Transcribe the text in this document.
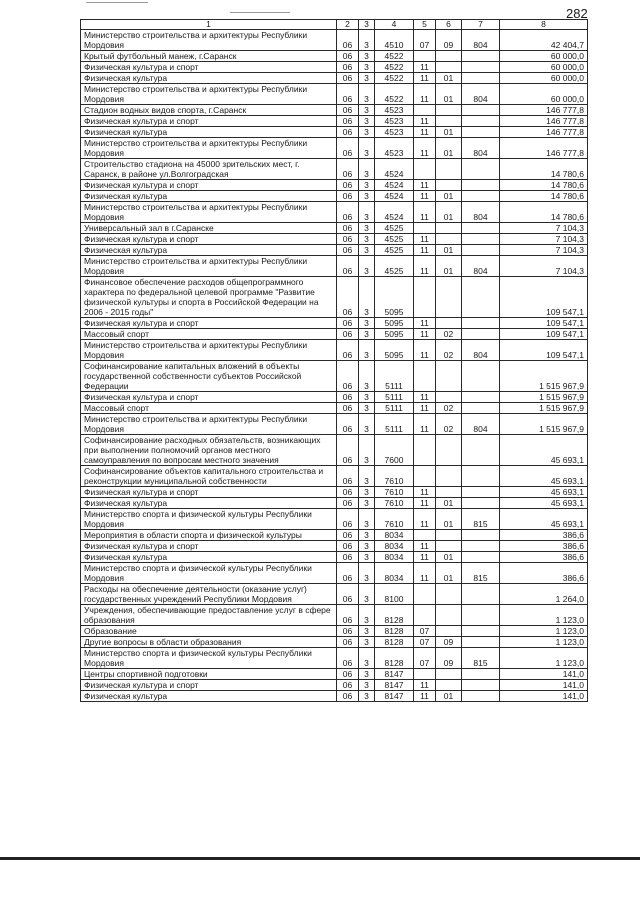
282
1	2	3	4	5	6	7	8
Министерство строительства и архитектуры Республики Мордовия	06	3	4510	07	09	804	42 404,7
Крытый футбольный манеж, г.Саранск	06	3	4522				60 000,0
Физическая культура и спорт	06	3	4522	11			60 000,0
Физическая культура	06	3	4522	11	01		60 000,0
Министерство строительства и архитектуры Республики Мордовия	06	3	4522	11	01	804	60 000,0
Стадион водных видов спорта, г.Саранск	06	3	4523				146 777,8
Физическая культура и спорт	06	3	4523	11			146 777,8
Физическая культура	06	3	4523	11	01		146 777,8
Министерство строительства и архитектуры Республики Мордовия	06	3	4523	11	01	804	146 777,8
Строительство стадиона на 45000 зрительских мест, г. Саранск, в районе ул.Волгоградская	06	3	4524				14 780,6
Физическая культура и спорт	06	3	4524	11			14 780,6
Физическая культура	06	3	4524	11	01		14 780,6
Министерство строительства и архитектуры Республики Мордовия	06	3	4524	11	01	804	14 780,6
Универсальный зал в г.Саранске	06	3	4525				7 104,3
Физическая культура и спорт	06	3	4525	11			7 104,3
Физическая культура	06	3	4525	11	01		7 104,3
Министерство строительства и архитектуры Республики Мордовия	06	3	4525	11	01	804	7 104,3
Финансовое обеспечение расходов общепрограммного характера по федеральной целевой программе "Развитие физической культуры и спорта в Российской Федерации на 2006 - 2015 годы"	06	3	5095				109 547,1
Физическая культура и спорт	06	3	5095	11			109 547,1
Массовый спорт	06	3	5095	11	02		109 547,1
Министерство строительства и архитектуры Республики Мордовия	06	3	5095	11	02	804	109 547,1
Софинансирование капитальных вложений в объекты государственной собственности субъектов Российской Федерации	06	3	5111				1 515 967,9
Физическая культура и спорт	06	3	5111	11			1 515 967,9
Массовый спорт	06	3	5111	11	02		1 515 967,9
Министерство строительства и архитектуры Республики Мордовия	06	3	5111	11	02	804	1 515 967,9
Софинансирование расходных обязательств, возникающих при выполнении полномочий органов местного самоуправления по вопросам местного значения	06	3	7600				45 693,1
Софинансирование объектов капитального строительства и реконструкции муниципальной собственности	06	3	7610				45 693,1
Физическая культура и спорт	06	3	7610	11			45 693,1
Физическая культура	06	3	7610	11	01		45 693,1
Министерство спорта и физической культуры Республики Мордовия	06	3	7610	11	01	815	45 693,1
Мероприятия в области спорта и физической культуры	06	3	8034				386,6
Физическая культура и спорт	06	3	8034	11			386,6
Физическая культура	06	3	8034	11	01		386,6
Министерство спорта и физической культуры Республики Мордовия	06	3	8034	11	01	815	386,6
Расходы на обеспечение деятельности (оказание услуг) государственных учреждений Республики Мордовия	06	3	8100				1 264,0
Учреждения, обеспечивающие предоставление услуг в сфере образования	06	3	8128				1 123,0
Образование	06	3	8128	07			1 123,0
Другие вопросы в области образования	06	3	8128	07	09		1 123,0
Министерство спорта и физической культуры Республики Мордовия	06	3	8128	07	09	815	1 123,0
Центры спортивной подготовки	06	3	8147				141,0
Физическая культура и спорт	06	3	8147	11			141,0
Физическая культура	06	3	8147	11	01		141,0
